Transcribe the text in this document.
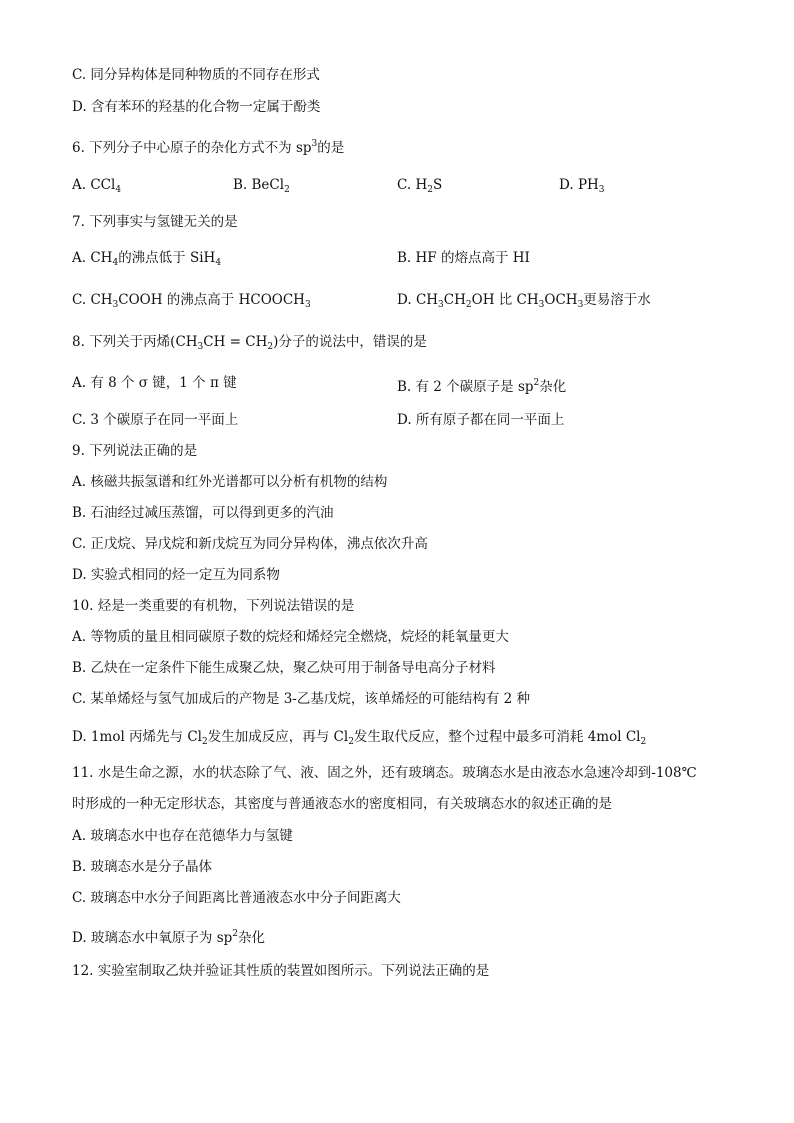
C. 同分异构体是同种物质的不同存在形式
D. 含有苯环的羟基的化合物一定属于酚类
6. 下列分子中心原子的杂化方式不为 $sp^3$的是
A. CCl$_4$	B. BeCl$_2$	C. $H_2S$	D. $PH_3$
7. 下列事实与氢键无关的是
A. $CH_4$的沸点低于 SiH$_4$	B. HF 的熔点高于 HI
C. $CH_3COOH$ 的沸点高于 $HCOOCH_3$	D. $CH_3CH_2OH$ 比 $CH_3OCH_3$更易溶于水
8. 下列关于丙烯$(CH_3CH = CH_2)$分子的说法中，错误的是
A. 有 8 个 σ 键，1 个 π 键	B. 有 2 个碳原子是 $sp^2$杂化
C. 3 个碳原子在同一平面上	D. 所有原子都在同一平面上
9. 下列说法正确的是
A. 核磁共振氢谱和红外光谱都可以分析有机物的结构
B. 石油经过减压蒸馏，可以得到更多的汽油
C. 正戊烷、异戊烷和新戊烷互为同分异构体，沸点依次升高
D. 实验式相同的烃一定互为同系物
10. 烃是一类重要的有机物，下列说法错误的是
A. 等物质的量且相同碳原子数的烷烃和烯烃完全燃烧，烷烃的耗氧量更大
B. 乙炔在一定条件下能生成聚乙炔，聚乙炔可用于制备导电高分子材料
C. 某单烯烃与氢气加成后的产物是 3-乙基戊烷，该单烯烃的可能结构有 2 种
D. 1mol 丙烯先与 $Cl_2$发生加成反应，再与 $Cl_2$发生取代反应，整个过程中最多可消耗 4mol $Cl_2$
11. 水是生命之源，水的状态除了气、液、固之外，还有玻璃态。玻璃态水是由液态水急速冷却到-108℃
时形成的一种无定形状态，其密度与普通液态水的密度相同，有关玻璃态水的叙述正确的是
A. 玻璃态水中也存在范德华力与氢键
B. 玻璃态水是分子晶体
C. 玻璃态中水分子间距离比普通液态水中分子间距离大
D. 玻璃态水中氧原子为 $sp^2$杂化
12. 实验室制取乙炔并验证其性质的装置如图所示。下列说法正确的是
